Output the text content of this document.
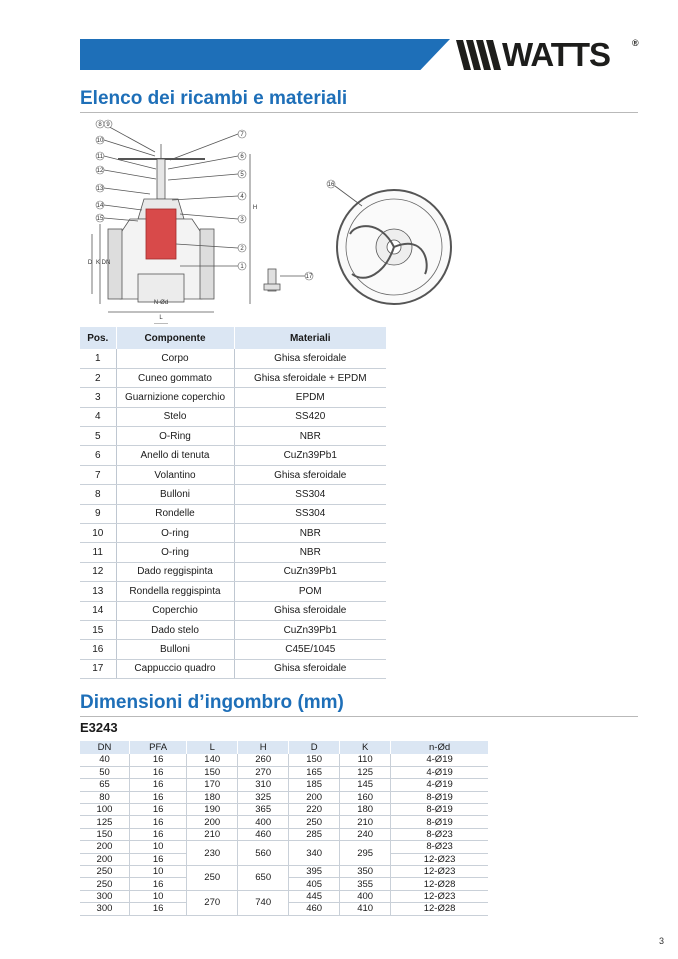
WATTS ®
Elenco dei ricambi e materiali
8 9
10
11
12
13
14
15
7
6
5
4
3
2
1
17
16
D K DN
H
L
N-Ød
Pos.	Componente	Materiali
1	Corpo	Ghisa sferoidale
2	Cuneo gommato	Ghisa sferoidale + EPDM
3	Guarnizione coperchio	EPDM
4	Stelo	SS420
5	O-Ring	NBR
6	Anello di tenuta	CuZn39Pb1
7	Volantino	Ghisa sferoidale
8	Bulloni	SS304
9	Rondelle	SS304
10	O-ring	NBR
11	O-ring	NBR
12	Dado reggispinta	CuZn39Pb1
13	Rondella reggispinta	POM
14	Coperchio	Ghisa sferoidale
15	Dado stelo	CuZn39Pb1
16	Bulloni	C45E/1045
17	Cappuccio quadro	Ghisa sferoidale
Dimensioni d’ingombro (mm)
E3243
DN	PFA	L	H	D	K	n-Ød
40	16	140	260	150	110	4-Ø19
50	16	150	270	165	125	4-Ø19
65	16	170	310	185	145	4-Ø19
80	16	180	325	200	160	8-Ø19
100	16	190	365	220	180	8-Ø19
125	16	200	400	250	210	8-Ø19
150	16	210	460	285	240	8-Ø23
200	10	230	560	340	295	8-Ø23
200	16					12-Ø23
250	10	250	650	395	350	12-Ø23
250	16			405	355	12-Ø28
300	10	270	740	445	400	12-Ø23
300	16			460	410	12-Ø28
3
